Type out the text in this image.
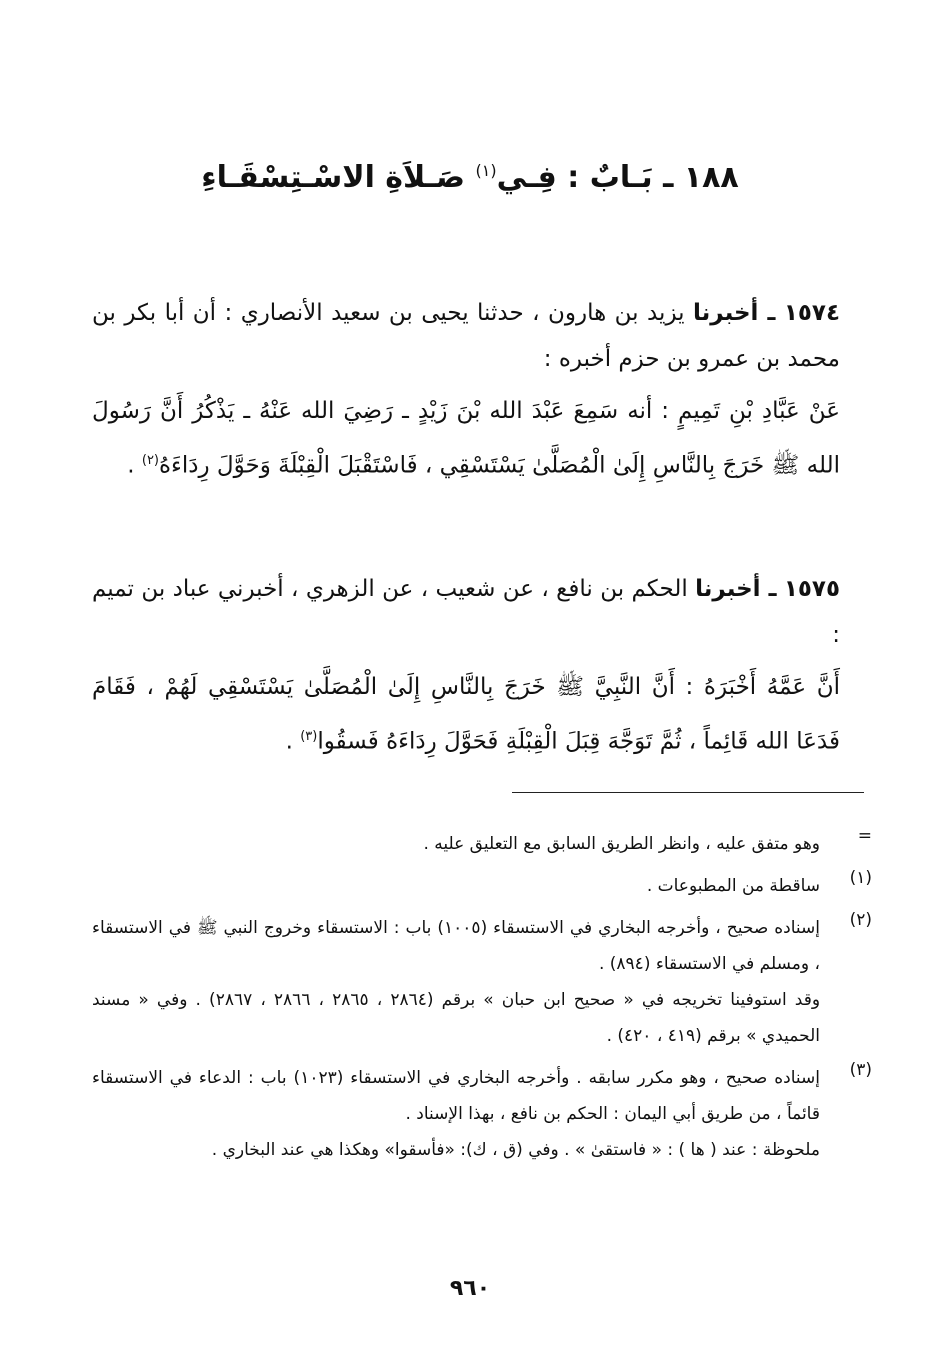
١٨٨ ـ بَـابٌ : فِـي$^{(١)}$ صَـلاَةِ الاسْـتِسْقَـاءِ
١٥٧٤ ـ أخبرنا يزيد بن هارون ، حدثنا يحيى بن سعيد الأنصاري : أن أبا بكر بن محمد بن عمرو بن حزم أخبره :
عَنْ عَبَّادِ بْنِ تَمِيمٍ : أنه سَمِعَ عَبْدَ الله بْنَ زَيْدٍ ـ رَضِيَ الله عَنْهُ ـ يَذْكُرُ أَنَّ رَسُولَ الله ﷺ خَرَجَ بِالنَّاسِ إِلَىٰ الْمُصَلَّىٰ يَسْتَسْقِي ، فَاسْتَقْبَلَ الْقِبْلَةَ وَحَوَّلَ رِدَاءَهُ$^{(٢)}$ .
١٥٧٥ ـ أخبرنا الحكم بن نافع ، عن شعيب ، عن الزهري ، أخبرني عباد بن تميم :
أَنَّ عَمَّهُ أَخْبَرَهُ : أَنَّ النَّبِيَّ ﷺ خَرَجَ بِالنَّاسِ إِلَىٰ الْمُصَلَّىٰ يَسْتَسْقِي لَهُمْ ، فَقَامَ فَدَعَا الله قَائِماً ، ثُمَّ تَوَجَّهَ قِبَلَ الْقِبْلَةِ فَحَوَّلَ رِدَاءَهُ فَسقُوا$^{(٣)}$ .
=

وهو متفق عليه ، وانظر الطريق السابق مع التعليق عليه .

(١)

ساقطة من المطبوعات .

(٢)

إسناده صحيح ، وأخرجه البخاري في الاستسقاء (١٠٠٥) باب : الاستسقاء وخروج النبي ﷺ في الاستسقاء ، ومسلم في الاستسقاء (٨٩٤) .

وقد استوفينا تخريجه في « صحيح ابن حبان » برقم (٢٨٦٤ ، ٢٨٦٥ ، ٢٨٦٦ ، ٢٨٦٧) . وفي « مسند الحميدي » برقم (٤١٩ ، ٤٢٠) .

(٣)

إسناده صحيح ، وهو مكرر سابقه . وأخرجه البخاري في الاستسقاء (١٠٢٣) باب : الدعاء في الاستسقاء قائماً ، من طريق أبي اليمان : الحكم بن نافع ، بهذا الإسناد .

ملحوظة : عند ( ها ) : « فاستقىٰ » . وفي (ق ، ك): «فأسقوا» وهكذا هي عند البخاري .

٩٦٠
